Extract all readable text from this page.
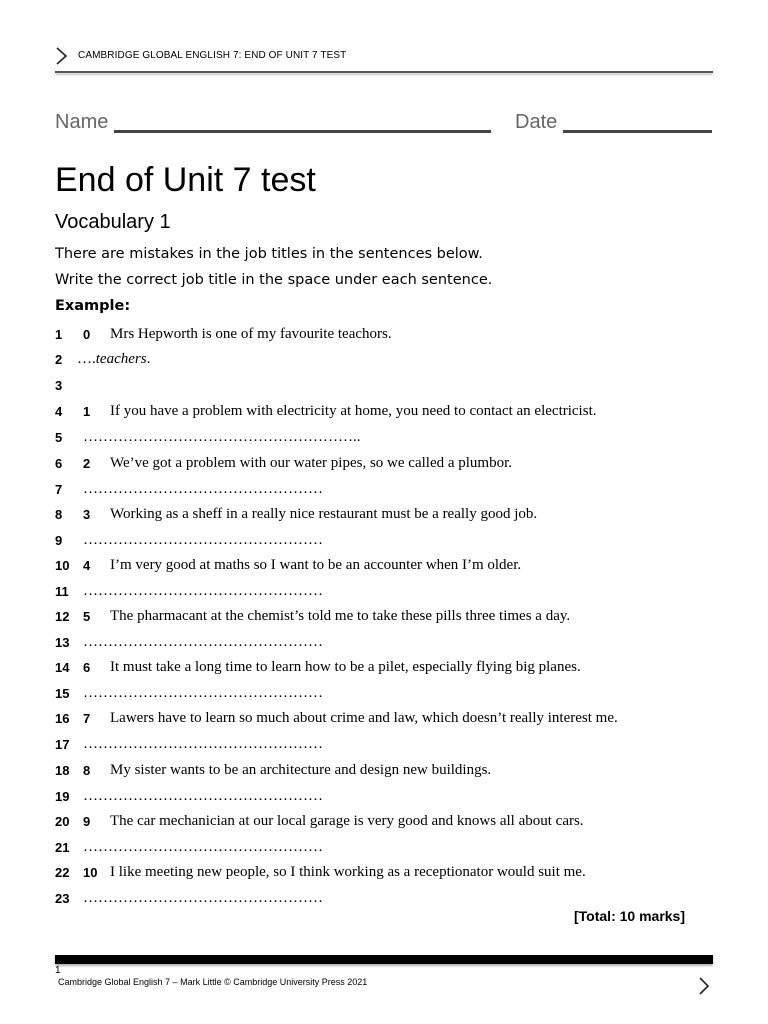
CAMBRIDGE GLOBAL ENGLISH 7: END OF UNIT 7 TEST
Name	Date
End of Unit 7 test
Vocabulary 1

There are mistakes in the job titles in the sentences below.

Write the correct job title in the space under each sentence.

Example:

1 0 Mrs Hepworth is one of my favourite teachors.
2 ….teachers.
3
4 1 If you have a problem with electricity at home, you need to contact an electricist.
5 ………………………………………………..
6 2 We’ve got a problem with our water pipes, so we called a plumbor.
7 …………………………………………
8 3 Working as a sheff in a really nice restaurant must be a really good job.
9 …………………………………………
10 4 I’m very good at maths so I want to be an accounter when I’m older.
11 …………………………………………
12 5 The pharmacant at the chemist’s told me to take these pills three times a day.
13 …………………………………………
14 6 It must take a long time to learn how to be a pilet, especially flying big planes.
15 …………………………………………
16 7 Lawers have to learn so much about crime and law, which doesn’t really interest me.
17 …………………………………………
18 8 My sister wants to be an architecture and design new buildings.
19 …………………………………………
20 9 The car mechanician at our local garage is very good and knows all about cars.
21 …………………………………………
22 10 I like meeting new people, so I think working as a receptionator would suit me.
23 …………………………………………
[Total: 10 marks]
1
Cambridge Global English 7 – Mark Little © Cambridge University Press 2021
